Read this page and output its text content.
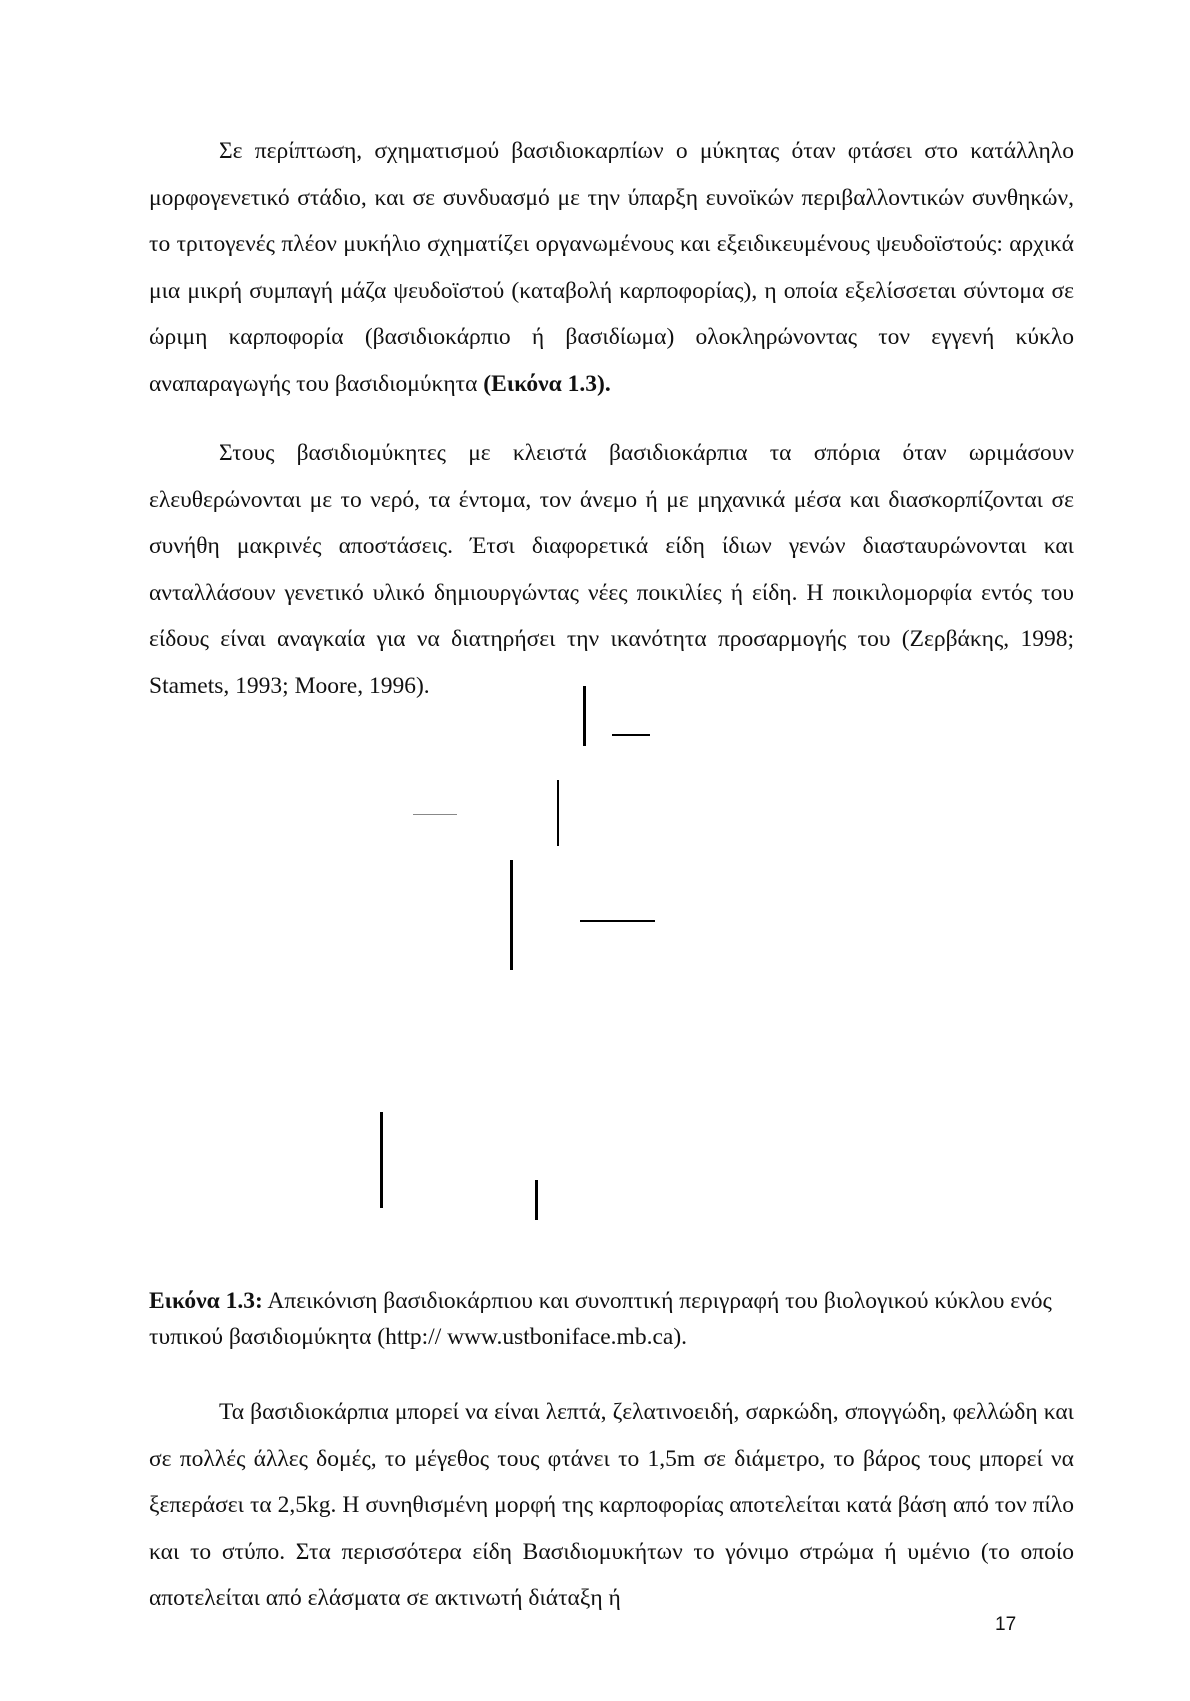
Σε περίπτωση, σχηματισμού βασιδιοκαρπίων ο μύκητας όταν φτάσει στο κατάλληλο μορφογενετικό στάδιο, και σε συνδυασμό με την ύπαρξη ευνοϊκών περιβαλλοντικών συνθηκών, το τριτογενές πλέον μυκήλιο σχηματίζει οργανωμένους και εξειδικευμένους ψευδοϊστούς: αρχικά μια μικρή συμπαγή μάζα ψευδοϊστού (καταβολή καρποφορίας), η οποία εξελίσσεται σύντομα σε ώριμη καρποφορία (βασιδιοκάρπιο ή βασιδίωμα) ολοκληρώνοντας τον εγγενή κύκλο αναπαραγωγής του βασιδιομύκητα (Εικόνα 1.3).

Στους βασιδιομύκητες με κλειστά βασιδιοκάρπια τα σπόρια όταν ωριμάσουν ελευθερώνονται με το νερό, τα έντομα, τον άνεμο ή με μηχανικά μέσα και διασκορπίζονται σε συνήθη μακρινές αποστάσεις. Έτσι διαφορετικά είδη ίδιων γενών διασταυρώνονται και ανταλλάσουν γενετικό υλικό δημιουργώντας νέες ποικιλίες ή είδη. Η ποικιλομορφία εντός του είδους είναι αναγκαία για να διατηρήσει την ικανότητα προσαρμογής του (Ζερβάκης, 1998; Stamets, 1993; Moore, 1996).

Εικόνα 1.3: Απεικόνιση βασιδιοκάρπιου και συνοπτική περιγραφή του βιολογικού κύκλου ενός τυπικού βασιδιομύκητα (http:// www.ustboniface.mb.ca).

Τα βασιδιοκάρπια μπορεί να είναι λεπτά, ζελατινοειδή, σαρκώδη, σπογγώδη, φελλώδη και σε πολλές άλλες δομές, το μέγεθος τους φτάνει το 1,5m σε διάμετρο, το βάρος τους μπορεί να ξεπεράσει τα 2,5kg. Η συνηθισμένη μορφή της καρποφορίας αποτελείται κατά βάση από τον πίλο και το στύπο. Στα περισσότερα είδη Βασιδιομυκήτων το γόνιμο στρώμα ή υμένιο (το οποίο αποτελείται από ελάσματα σε ακτινωτή διάταξη ή

17
